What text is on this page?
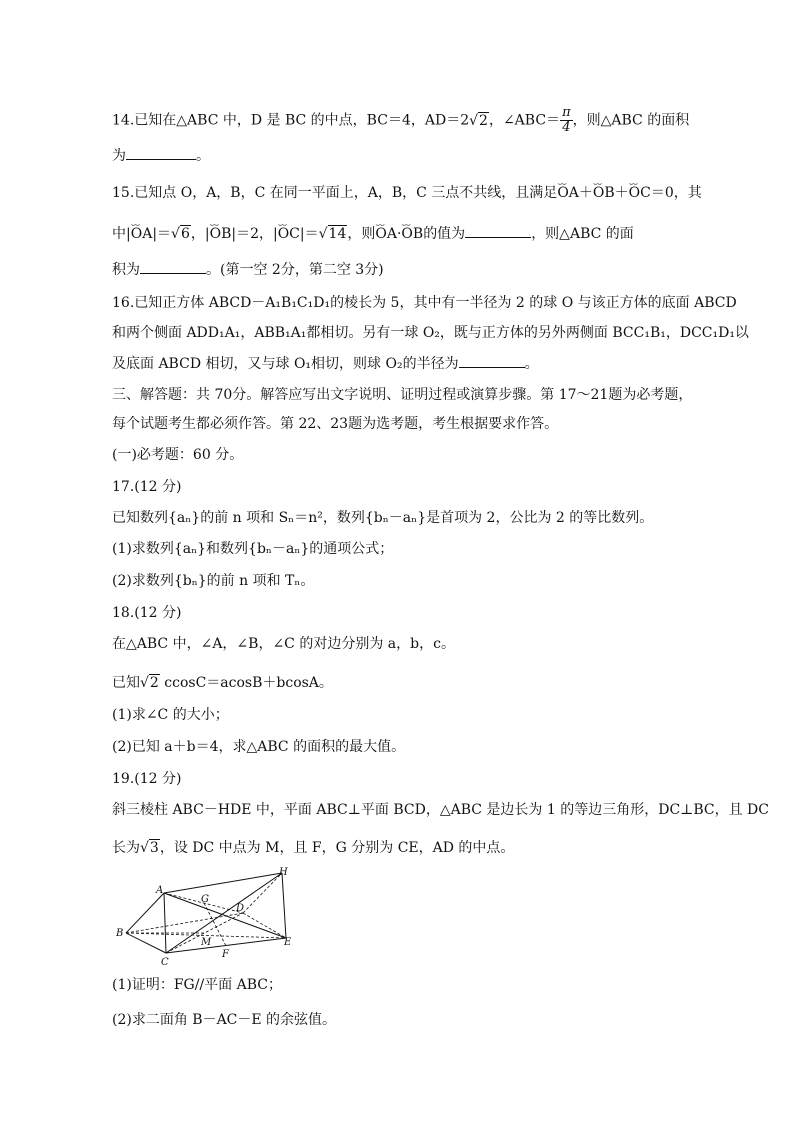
14.已知在△ABC 中，D 是 BC 的中点，BC＝4，AD＝2√2，∠ABC＝ $\frac{\pi}{4}$ ，则△ABC 的面积
为	。
15.已知点 O，A，B，C 在同一平面上，A，B，C 三点不共线，且满足⌣⌣ OA＋⌣⌣ OB＋⌣⌣ OC＝0，其
中|⌣⌣ OA|＝√6，|⌣⌣ OB|＝2，|⌣⌣ OC|＝√14，则⌣⌣ OA·⌣⌣ OB的值为	，则△ABC 的面
积为	。(第一空 2分，第二空 3分)
16.已知正方体 ABCD－A₁B₁C₁D₁的棱长为 5，其中有一半径为 2 的球 O 与该正方体的底面 ABCD
和两个侧面 ADD₁A₁，ABB₁A₁都相切。另有一球 O₂，既与正方体的另外两侧面 BCC₁B₁，DCC₁D₁以
及底面 ABCD 相切，又与球 O₁相切，则球 O₂的半径为	。
三、解答题：共 70分。解答应写出文字说明、证明过程或演算步骤。第 17～21题为必考题，
每个试题考生都必须作答。第 22、23题为选考题，考生根据要求作答。
(一)必考题：60 分。
17.(12 分)
已知数列{aₙ}的前 n 项和 Sₙ＝n²，数列{bₙ－aₙ}是首项为 2，公比为 2 的等比数列。
(1)求数列{aₙ}和数列{bₙ－aₙ}的通项公式；
(2)求数列{bₙ}的前 n 项和 Tₙ。
18.(12 分)
在△ABC 中，∠A，∠B，∠C 的对边分别为 a，b，c。
已知√2 ccosC＝acosB＋bcosA。
(1)求∠C 的大小；
(2)已知 a＋b＝4，求△ABC 的面积的最大值。
19.(12 分)
斜三棱柱 ABC－HDE 中，平面 ABC⊥平面 BCD，△ABC 是边长为 1 的等边三角形，DC⊥BC，且 DC
长为√3，设 DC 中点为 M，且 F，G 分别为 CE，AD 的中点。
A
B
C
D
E
F
G
H
M
(1)证明：FG//平面 ABC；
(2)求二面角 B－AC－E 的余弦值。
